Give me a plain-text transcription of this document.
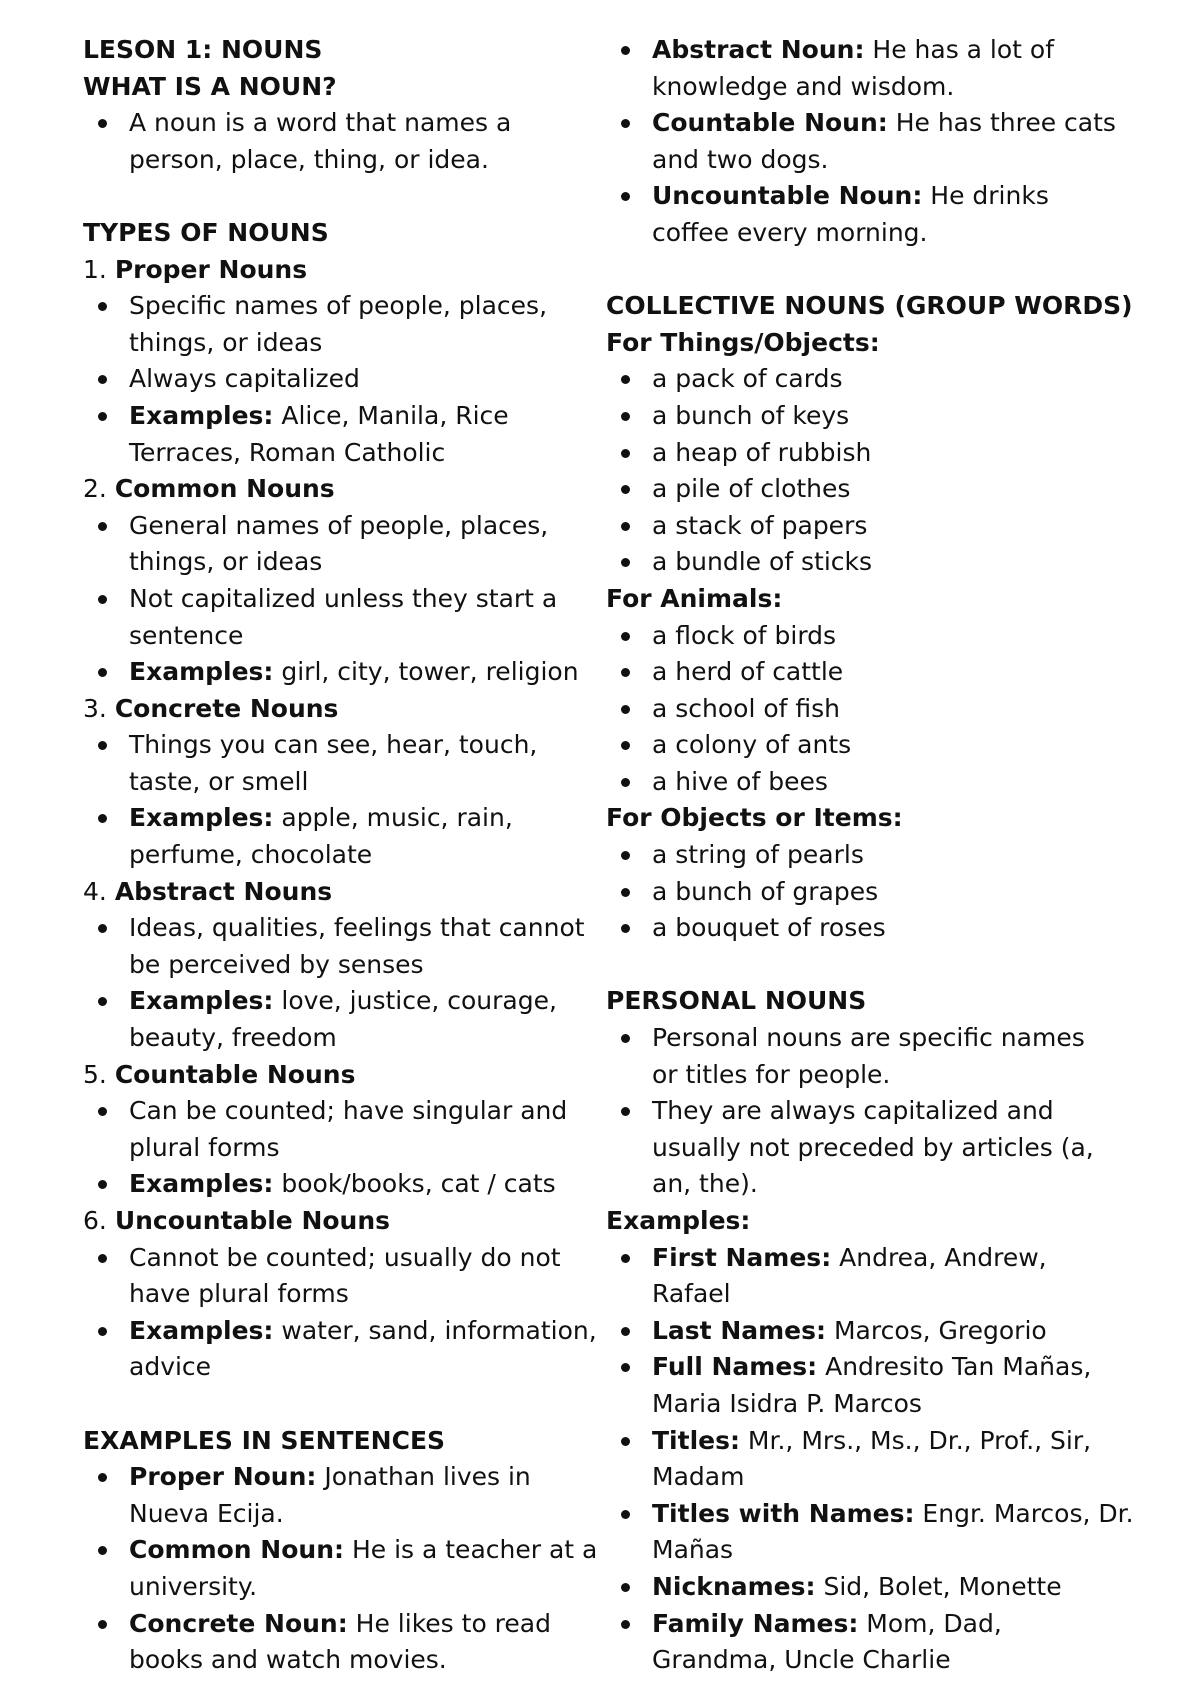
LESON 1: NOUNS
WHAT IS A NOUN?
A noun is a word that names a
person, place, thing, or idea.
TYPES OF NOUNS
1. Proper Nouns
Specific names of people, places,
things, or ideas
Always capitalized
Examples: Alice, Manila, Rice
Terraces, Roman Catholic
2. Common Nouns
General names of people, places,
things, or ideas
Not capitalized unless they start a
sentence
Examples: girl, city, tower, religion
3. Concrete Nouns
Things you can see, hear, touch,
taste, or smell
Examples: apple, music, rain,
perfume, chocolate
4. Abstract Nouns
Ideas, qualities, feelings that cannot
be perceived by senses
Examples: love, justice, courage,
beauty, freedom
5. Countable Nouns
Can be counted; have singular and
plural forms
Examples: book/books, cat / cats
6. Uncountable Nouns
Cannot be counted; usually do not
have plural forms
Examples: water, sand, information,
advice
EXAMPLES IN SENTENCES
Proper Noun: Jonathan lives in
Nueva Ecija.
Common Noun: He is a teacher at a
university.
Concrete Noun: He likes to read
books and watch movies.
Abstract Noun: He has a lot of
knowledge and wisdom.
Countable Noun: He has three cats
and two dogs.
Uncountable Noun: He drinks
coffee every morning.
COLLECTIVE NOUNS (GROUP WORDS)
For Things/Objects:
a pack of cards
a bunch of keys
a heap of rubbish
a pile of clothes
a stack of papers
a bundle of sticks
For Animals:
a flock of birds
a herd of cattle
a school of fish
a colony of ants
a hive of bees
For Objects or Items:
a string of pearls
a bunch of grapes
a bouquet of roses
PERSONAL NOUNS
Personal nouns are specific names
or titles for people.
They are always capitalized and
usually not preceded by articles (a,
an, the).
Examples:
First Names: Andrea, Andrew,
Rafael
Last Names: Marcos, Gregorio
Full Names: Andresito Tan Mañas,
Maria Isidra P. Marcos
Titles: Mr., Mrs., Ms., Dr., Prof., Sir,
Madam
Titles with Names: Engr. Marcos, Dr.
Mañas
Nicknames: Sid, Bolet, Monette
Family Names: Mom, Dad,
Grandma, Uncle Charlie
